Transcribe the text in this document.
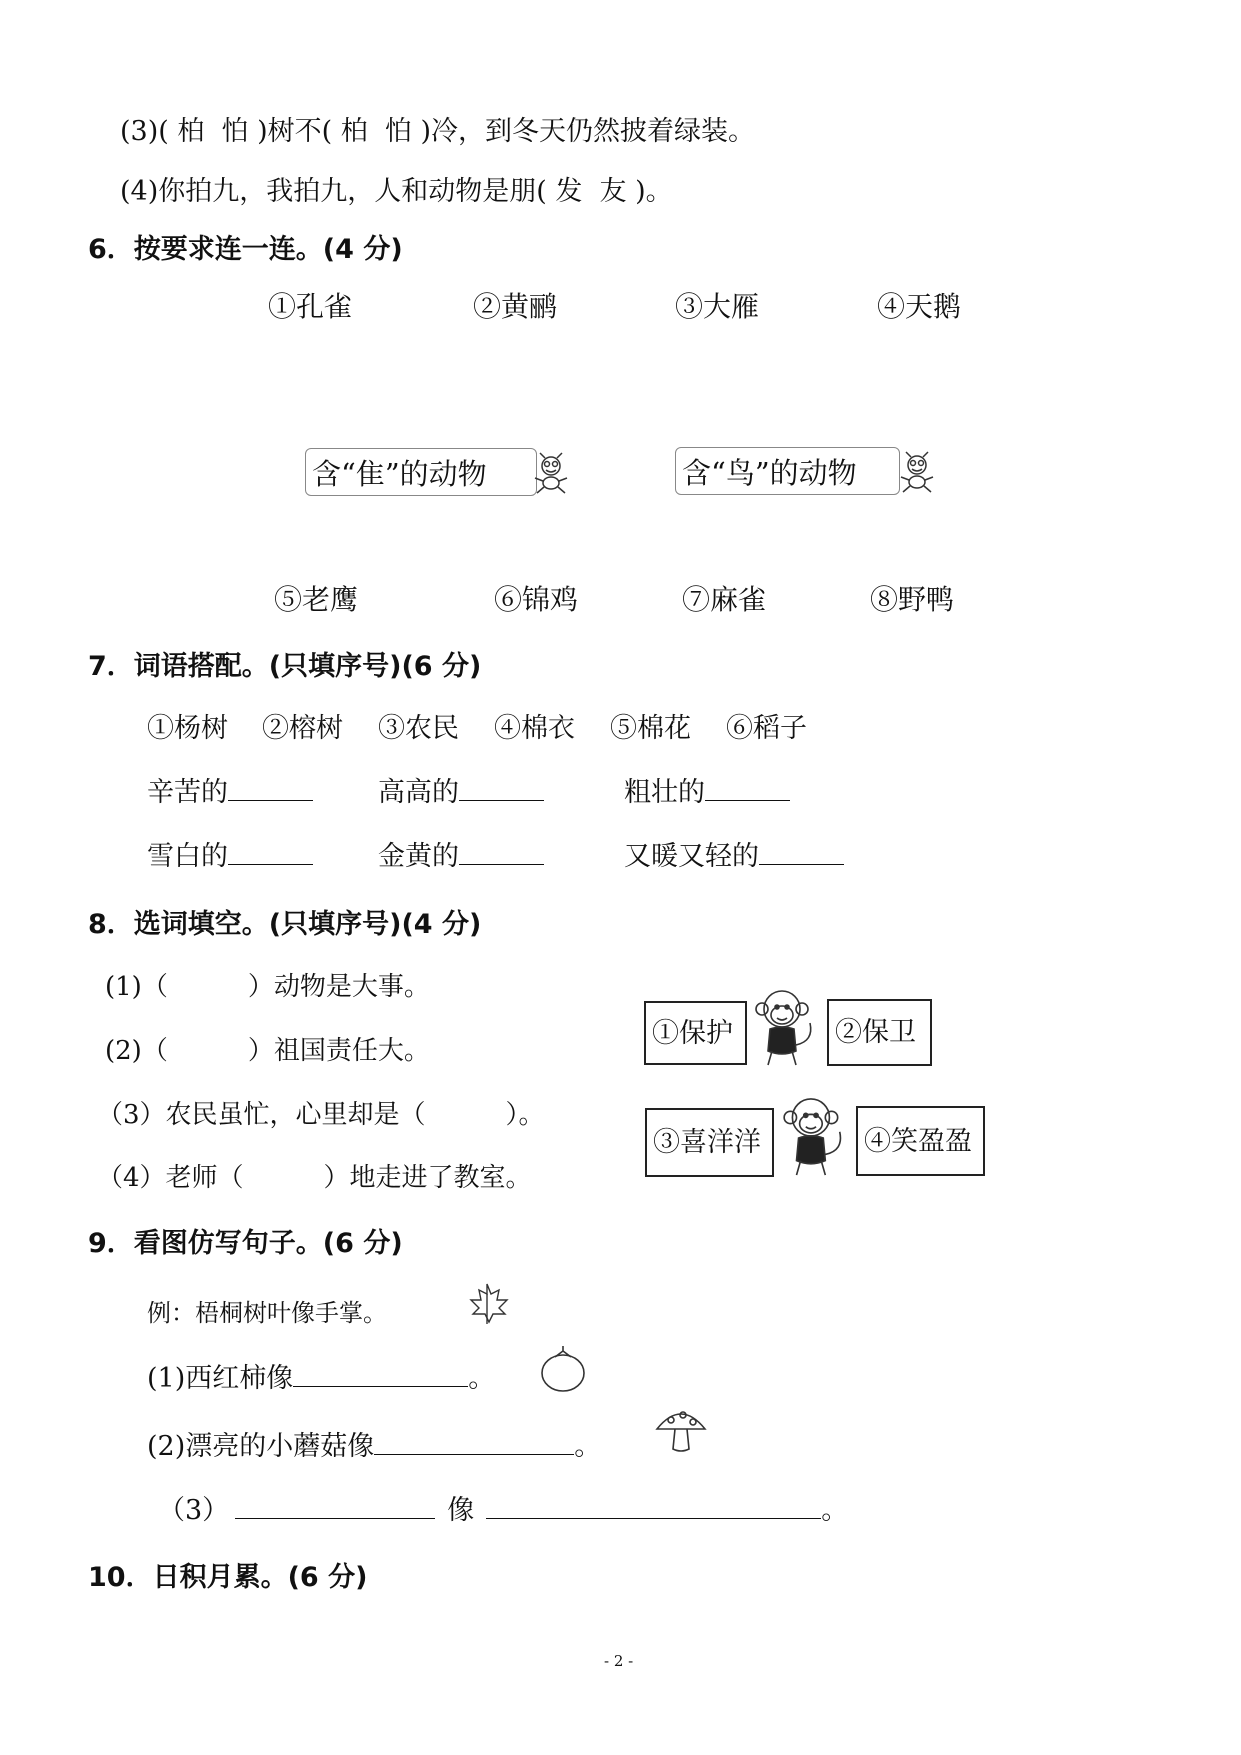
(3)( 柏  怕 )树不( 柏  怕 )冷，到冬天仍然披着绿装。
(4)你拍九，我拍九，人和动物是朋( 发  友 )。
6．按要求连一连。(4 分)
①孔雀	②黄鹂	③大雁	④天鹅
含“隹”的动物	含“鸟”的动物
⑤老鹰	⑥锦鸡	⑦麻雀	⑧野鸭
7．词语搭配。(只填序号)(6 分)
①杨树 ②榕树 ③农民 ④棉衣 ⑤棉花 ⑥稻子
辛苦的	高高的	粗壮的
雪白的	金黄的	又暖又轻的
8．选词填空。(只填序号)(4 分)
(1)（	）动物是大事。
(2)（	）祖国责任大。
（3）农民虽忙，心里却是（	）。
（4）老师（	）地走进了教室。
①保护	②保卫
③喜洋洋	④笑盈盈
9．看图仿写句子。(6 分)
例：梧桐树叶像手掌。
(1)西红柿像	。
(2)漂亮的小蘑菇像	。
（3）	像	。
10．日积月累。(6 分)
- 2 -
